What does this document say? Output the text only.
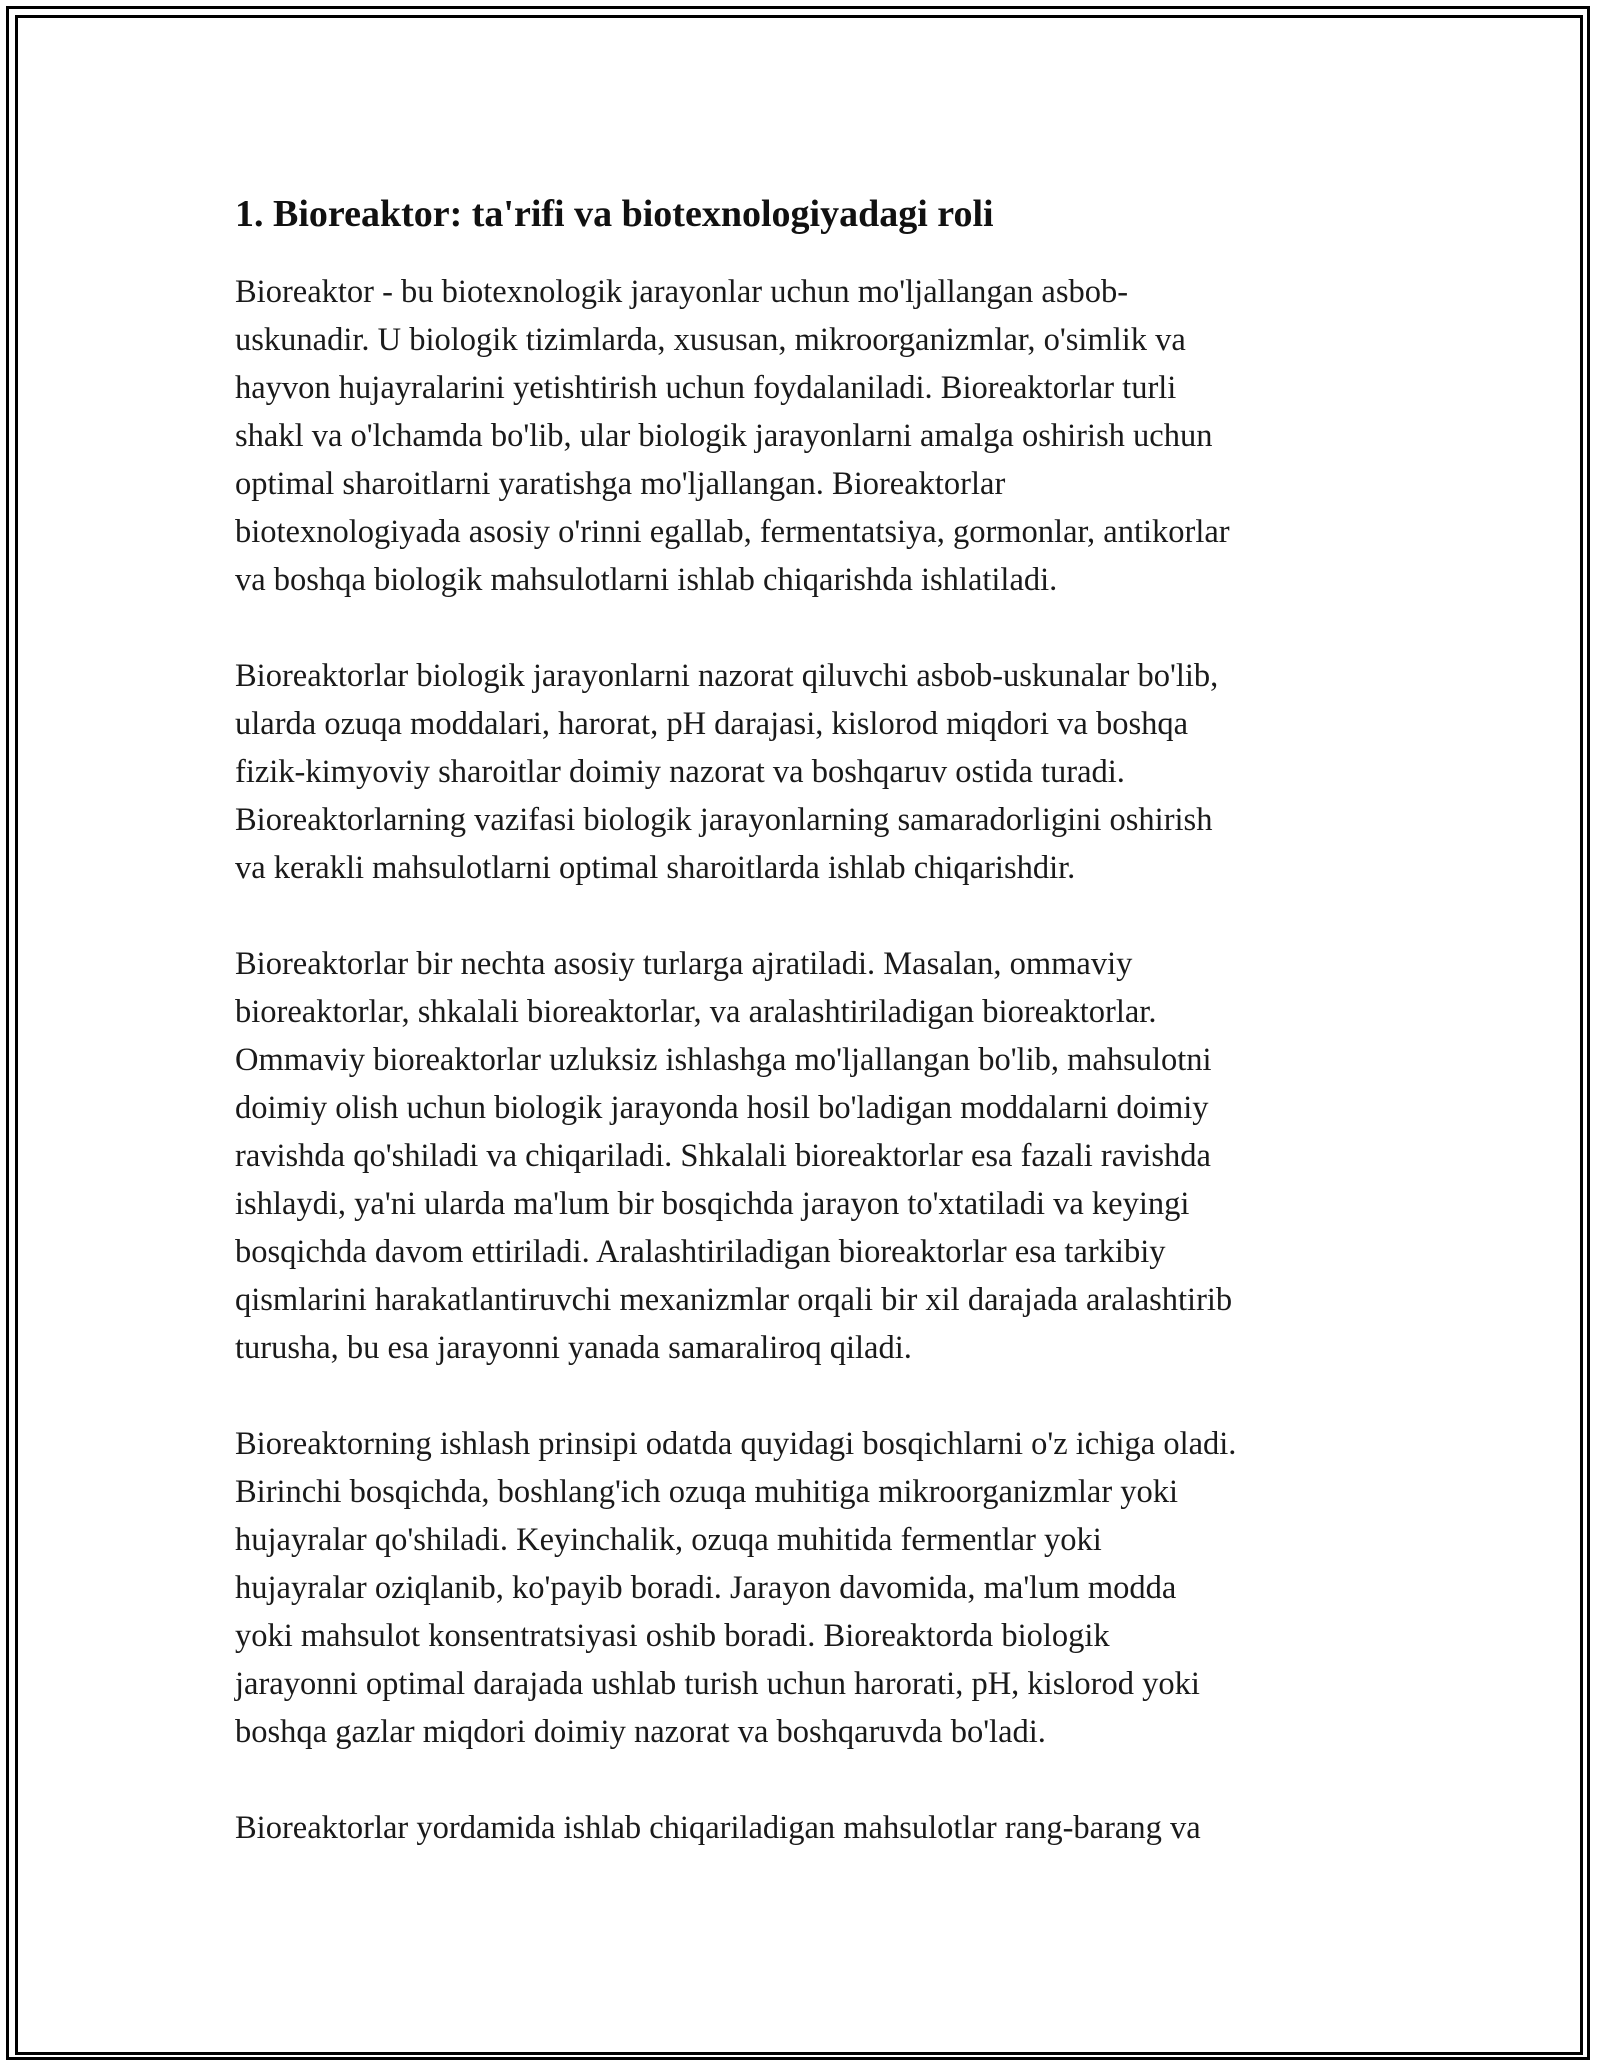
1. Bioreaktor: ta'rifi va biotexnologiyadagi roli

Bioreaktor - bu biotexnologik jarayonlar uchun mo'ljallangan asbob-
uskunadir. U biologik tizimlarda, xususan, mikroorganizmlar, o'simlik va
hayvon hujayralarini yetishtirish uchun foydalaniladi. Bioreaktorlar turli
shakl va o'lchamda bo'lib, ular biologik jarayonlarni amalga oshirish uchun
optimal sharoitlarni yaratishga mo'ljallangan. Bioreaktorlar
biotexnologiyada asosiy o'rinni egallab, fermentatsiya, gormonlar, antikorlar
va boshqa biologik mahsulotlarni ishlab chiqarishda ishlatiladi.

Bioreaktorlar biologik jarayonlarni nazorat qiluvchi asbob-uskunalar bo'lib,
ularda ozuqa moddalari, harorat, pH darajasi, kislorod miqdori va boshqa
fizik-kimyoviy sharoitlar doimiy nazorat va boshqaruv ostida turadi.
Bioreaktorlarning vazifasi biologik jarayonlarning samaradorligini oshirish
va kerakli mahsulotlarni optimal sharoitlarda ishlab chiqarishdir.

Bioreaktorlar bir nechta asosiy turlarga ajratiladi. Masalan, ommaviy
bioreaktorlar, shkalali bioreaktorlar, va aralashtiriladigan bioreaktorlar.
Ommaviy bioreaktorlar uzluksiz ishlashga mo'ljallangan bo'lib, mahsulotni
doimiy olish uchun biologik jarayonda hosil bo'ladigan moddalarni doimiy
ravishda qo'shiladi va chiqariladi. Shkalali bioreaktorlar esa fazali ravishda
ishlaydi, ya'ni ularda ma'lum bir bosqichda jarayon to'xtatiladi va keyingi
bosqichda davom ettiriladi. Aralashtiriladigan bioreaktorlar esa tarkibiy
qismlarini harakatlantiruvchi mexanizmlar orqali bir xil darajada aralashtirib
turusha, bu esa jarayonni yanada samaraliroq qiladi.

Bioreaktorning ishlash prinsipi odatda quyidagi bosqichlarni o'z ichiga oladi.
Birinchi bosqichda, boshlang'ich ozuqa muhitiga mikroorganizmlar yoki
hujayralar qo'shiladi. Keyinchalik, ozuqa muhitida fermentlar yoki
hujayralar oziqlanib, ko'payib boradi. Jarayon davomida, ma'lum modda
yoki mahsulot konsentratsiyasi oshib boradi. Bioreaktorda biologik
jarayonni optimal darajada ushlab turish uchun harorati, pH, kislorod yoki
boshqa gazlar miqdori doimiy nazorat va boshqaruvda bo'ladi.

Bioreaktorlar yordamida ishlab chiqariladigan mahsulotlar rang-barang va
